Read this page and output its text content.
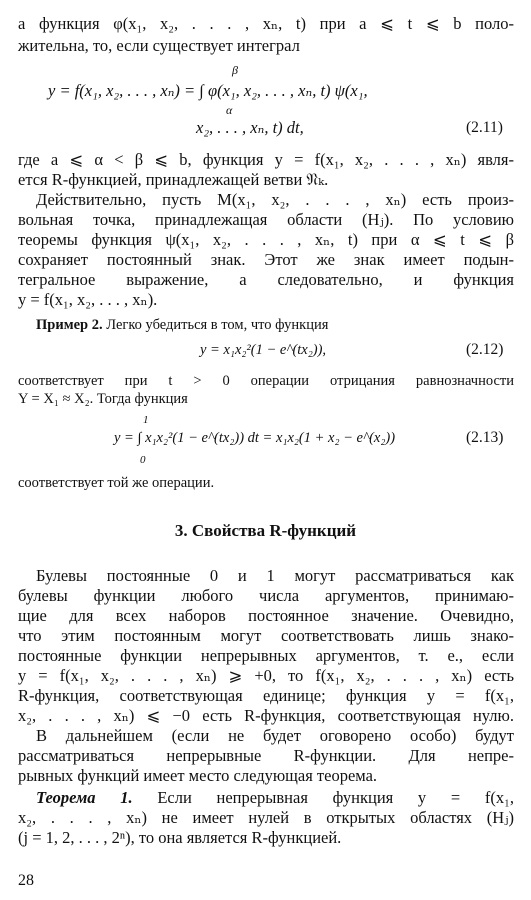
а функция φ(x₁, x₂, . . . , xₙ, t) при a ⩽ t ⩽ b поло-
жительна, то, если существует интеграл
β
y = f(x₁, x₂, . . . , xₙ) = ∫ φ(x₁, x₂, . . . , xₙ, t) ψ(x₁,
α
x₂, . . . , xₙ, t) dt,	(2.11)
где a ⩽ α < β ⩽ b, функция y = f(x₁, x₂, . . . , xₙ) явля-
ется R-функцией, принадлежащей ветви 𝔑ₖ.
Действительно, пусть M(x₁, x₂, . . . , xₙ) есть произ-
вольная точка, принадлежащая области (Hⱼ). По условию
теоремы функция ψ(x₁, x₂, . . . , xₙ, t) при α ⩽ t ⩽ β
сохраняет постоянный знак. Этот же знак имеет подын-
тегральное выражение, а следовательно, и функция
y = f(x₁, x₂, . . . , xₙ).
Пример 2. Легко убедиться в том, что функция
y = x₁x₂²(1 − e^(tx₂)),	(2.12)
соответствует при t > 0 операции отрицания равнозначности
Y = X₁ ≈ X₂. Тогда функция
1
y = ∫ x₁x₂²(1 − e^(tx₂)) dt = x₁x₂(1 + x₂ − e^(x₂))
0
(2.13)
соответствует той же операции.
3. Свойства R-функций
Булевы постоянные 0 и 1 могут рассматриваться как
булевы функции любого числа аргументов, принимаю-
щие для всех наборов постоянное значение. Очевидно,
что этим постоянным могут соответствовать лишь знако-
постоянные функции непрерывных аргументов, т. е., если
y = f(x₁, x₂, . . . , xₙ) ⩾ +0, то f(x₁, x₂, . . . , xₙ) есть
R-функция, соответствующая единице; функция y = f(x₁,
x₂, . . . , xₙ) ⩽ −0 есть R-функция, соответствующая нулю.
В дальнейшем (если не будет оговорено особо) будут
рассматриваться непрерывные R-функции. Для непре-
рывных функций имеет место следующая теорема.
Теорема 1. Если непрерывная функция y = f(x₁,
x₂, . . . , xₙ) не имеет нулей в открытых областях (Hⱼ)
(j = 1, 2, . . . , 2ⁿ), то она является R-функцией.
28
